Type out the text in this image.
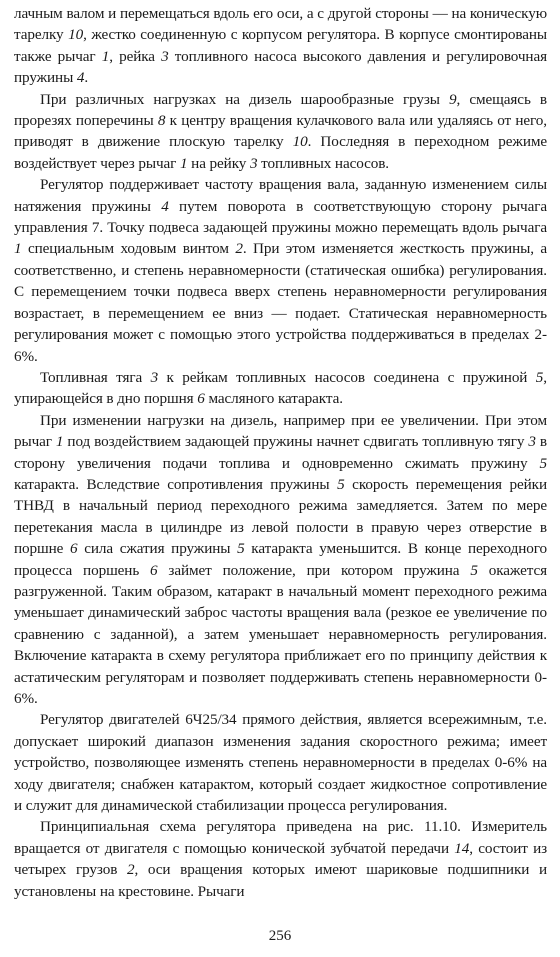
лачным валом и перемещаться вдоль его оси, а с другой стороны — на коническую тарелку 10, жестко соединенную с корпусом регулятора. В корпусе смонтированы также рычаг 1, рейка 3 топливного насоса высокого давления и регулировочная пружины 4.

При различных нагрузках на дизель шарообразные грузы 9, смещаясь в прорезях поперечины 8 к центру вращения кулачкового вала или удаляясь от него, приводят в движение плоскую тарелку 10. Последняя в переходном режиме воздействует через рычаг 1 на рейку 3 топливных насосов.

Регулятор поддерживает частоту вращения вала, заданную изменением силы натяжения пружины 4 путем поворота в соответствующую сторону рычага управления 7. Точку подвеса задающей пружины можно перемещать вдоль рычага 1 специальным ходовым винтом 2. При этом изменяется жесткость пружины, а соответственно, и степень неравномерности (статическая ошибка) регулирования. С перемещением точки подвеса вверх степень неравномерности регулирования возрастает, в перемещением ее вниз — подает. Статическая неравномерность регулирования может с помощью этого устройства поддерживаться в пределах 2-6%.

Топливная тяга 3 к рейкам топливных насосов соединена с пружиной 5, упирающейся в дно поршня 6 масляного катаракта.

При изменении нагрузки на дизель, например при ее увеличении. При этом рычаг 1 под воздействием задающей пружины начнет сдвигать топливную тягу 3 в сторону увеличения подачи топлива и одновременно сжимать пружину 5 катаракта. Вследствие сопротивления пружины 5 скорость перемещения рейки ТНВД в начальный период переходного режима замедляется. Затем по мере перетекания масла в цилиндре из левой полости в правую через отверстие в поршне 6 сила сжатия пружины 5 катаракта уменьшится. В конце переходного процесса поршень 6 займет положение, при котором пружина 5 окажется разгруженной. Таким образом, катаракт в начальный момент переходного режима уменьшает динамический заброс частоты вращения вала (резкое ее увеличение по сравнению с заданной), а затем уменьшает неравномерность регулирования. Включение катаракта в схему регулятора приближает его по принципу действия к астатическим регуляторам и позволяет поддерживать степень неравномерности 0-6%.

Регулятор двигателей 6Ч25/34 прямого действия, является всережимным, т.е. допускает широкий диапазон изменения задания скоростного режима; имеет устройство, позволяющее изменять степень неравномерности в пределах 0-6% на ходу двигателя; снабжен катарактом, который создает жидкостное сопротивление и служит для динамической стабилизации процесса регулирования.

Принципиальная схема регулятора приведена на рис. 11.10. Измеритель вращается от двигателя с помощью конической зубчатой передачи 14, состоит из четырех грузов 2, оси вращения которых имеют шариковые подшипники и установлены на крестовине. Рычаги

256
